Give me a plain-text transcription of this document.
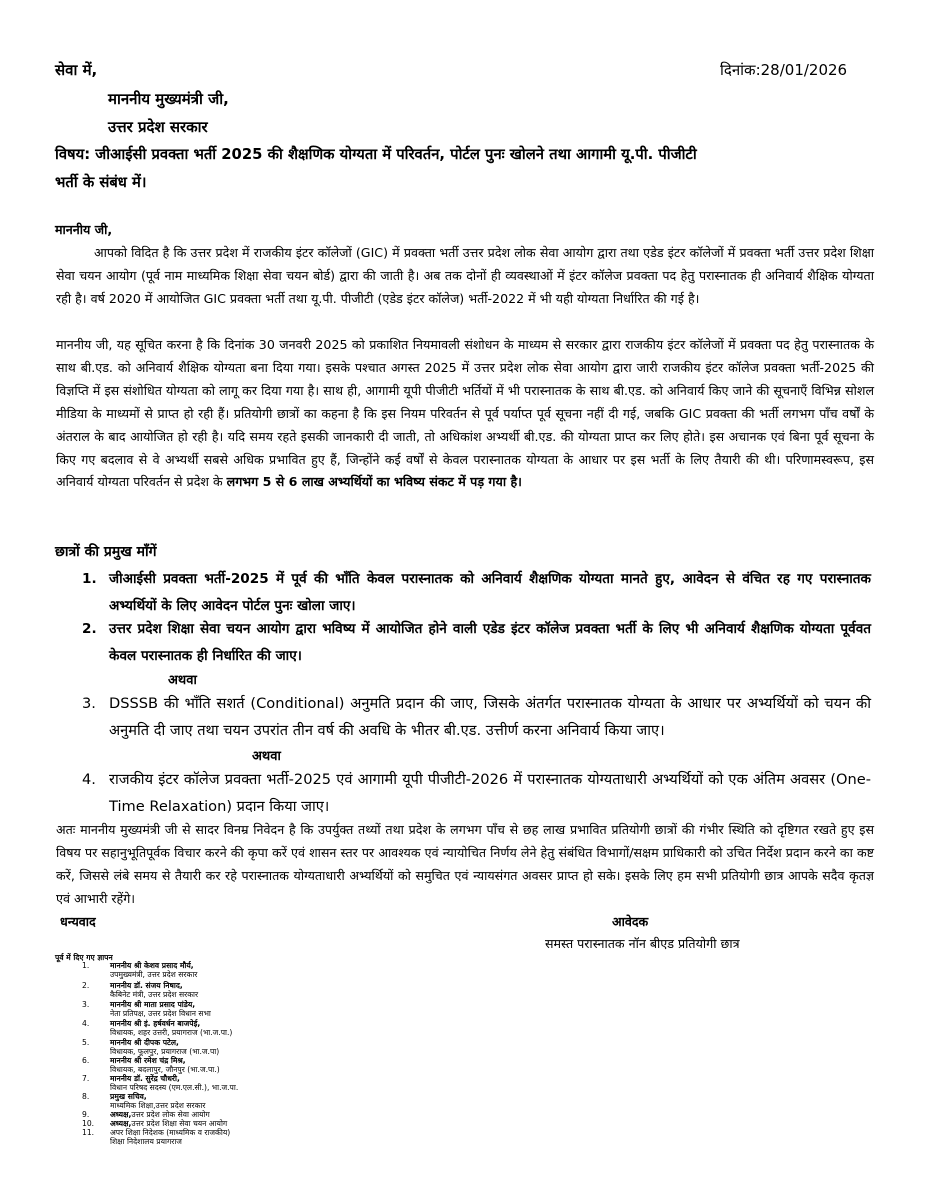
सेवा में,	दिनांक:28/01/2026
माननीय मुख्यमंत्री जी,
उत्तर प्रदेश सरकार
विषय: जीआईसी प्रवक्ता भर्ती 2025 की शैक्षणिक योग्यता में परिवर्तन, पोर्टल पुनः खोलने तथा आगामी यू.पी. पीजीटी
भर्ती के संबंध में।
माननीय जी,
आपको विदित है कि उत्तर प्रदेश में राजकीय इंटर कॉलेजों (GIC) में प्रवक्ता भर्ती उत्तर प्रदेश लोक सेवा आयोग द्वारा तथा एडेड इंटर कॉलेजों में प्रवक्ता भर्ती उत्तर प्रदेश शिक्षा सेवा चयन आयोग (पूर्व नाम माध्यमिक शिक्षा सेवा चयन बोर्ड) द्वारा की जाती है। अब तक दोनों ही व्यवस्थाओं में इंटर कॉलेज प्रवक्ता पद हेतु परास्नातक ही अनिवार्य शैक्षिक योग्यता रही है। वर्ष 2020 में आयोजित GIC प्रवक्ता भर्ती तथा यू.पी. पीजीटी (एडेड इंटर कॉलेज) भर्ती-2022 में भी यही योग्यता निर्धारित की गई है।
माननीय जी, यह सूचित करना है कि दिनांक 30 जनवरी 2025 को प्रकाशित नियमावली संशोधन के माध्यम से सरकार द्वारा राजकीय इंटर कॉलेजों में प्रवक्ता पद हेतु परास्नातक के साथ बी.एड. को अनिवार्य शैक्षिक योग्यता बना दिया गया। इसके पश्चात अगस्त 2025 में उत्तर प्रदेश लोक सेवा आयोग द्वारा जारी राजकीय इंटर कॉलेज प्रवक्ता भर्ती-2025 की विज्ञप्ति में इस संशोधित योग्यता को लागू कर दिया गया है। साथ ही, आगामी यूपी पीजीटी भर्तियों में भी परास्नातक के साथ बी.एड. को अनिवार्य किए जाने की सूचनाएँ विभिन्न सोशल मीडिया के माध्यमों से प्राप्त हो रही हैं। प्रतियोगी छात्रों का कहना है कि इस नियम परिवर्तन से पूर्व पर्याप्त पूर्व सूचना नहीं दी गई, जबकि GIC प्रवक्ता की भर्ती लगभग पाँच वर्षों के अंतराल के बाद आयोजित हो रही है। यदि समय रहते इसकी जानकारी दी जाती, तो अधिकांश अभ्यर्थी बी.एड. की योग्यता प्राप्त कर लिए होते। इस अचानक एवं बिना पूर्व सूचना के किए गए बदलाव से वे अभ्यर्थी सबसे अधिक प्रभावित हुए हैं, जिन्होंने कई वर्षों से केवल परास्नातक योग्यता के आधार पर इस भर्ती के लिए तैयारी की थी। परिणामस्वरूप, इस अनिवार्य योग्यता परिवर्तन से प्रदेश के लगभग 5 से 6 लाख अभ्यर्थियों का भविष्य संकट में पड़ गया है।
छात्रों की प्रमुख माँगें
1. जीआईसी प्रवक्ता भर्ती-2025 में पूर्व की भाँति केवल परास्नातक को अनिवार्य शैक्षणिक योग्यता मानते हुए, आवेदन से वंचित रह गए परास्नातक अभ्यर्थियों के लिए आवेदन पोर्टल पुनः खोला जाए।
2. उत्तर प्रदेश शिक्षा सेवा चयन आयोग द्वारा भविष्य में आयोजित होने वाली एडेड इंटर कॉलेज प्रवक्ता भर्ती के लिए भी अनिवार्य शैक्षणिक योग्यता पूर्ववत केवल परास्नातक ही निर्धारित की जाए।
अथवा
3. DSSSB की भाँति सशर्त (Conditional) अनुमति प्रदान की जाए, जिसके अंतर्गत परास्नातक योग्यता के आधार पर अभ्यर्थियों को चयन की अनुमति दी जाए तथा चयन उपरांत तीन वर्ष की अवधि के भीतर बी.एड. उत्तीर्ण करना अनिवार्य किया जाए।
अथवा
4. राजकीय इंटर कॉलेज प्रवक्ता भर्ती-2025 एवं आगामी यूपी पीजीटी-2026 में परास्नातक योग्यताधारी अभ्यर्थियों को एक अंतिम अवसर (One-Time Relaxation) प्रदान किया जाए।
अतः माननीय मुख्यमंत्री जी से सादर विनम्र निवेदन है कि उपर्युक्त तथ्यों तथा प्रदेश के लगभग पाँच से छह लाख प्रभावित प्रतियोगी छात्रों की गंभीर स्थिति को दृष्टिगत रखते हुए इस विषय पर सहानुभूतिपूर्वक विचार करने की कृपा करें एवं शासन स्तर पर आवश्यक एवं न्यायोचित निर्णय लेने हेतु संबंधित विभागों/सक्षम प्राधिकारी को उचित निर्देश प्रदान करने का कष्ट करें, जिससे लंबे समय से तैयारी कर रहे परास्नातक योग्यताधारी अभ्यर्थियों को समुचित एवं न्यायसंगत अवसर प्राप्त हो सके। इसके लिए हम सभी प्रतियोगी छात्र आपके सदैव कृतज्ञ एवं आभारी रहेंगे।
धन्यवाद	आवेदक
समस्त परास्नातक नॉन बीएड प्रतियोगी छात्र
पूर्व में दिए गए ज्ञापन
1.	माननीय श्री केशव प्रसाद मौर्य,
उपमुख्यमंत्री, उत्तर प्रदेश सरकार
2.	माननीय डॉ. संजय निषाद,
कैबिनेट मंत्री, उत्तर प्रदेश सरकार
3.	माननीय श्री माता प्रसाद पांडेय,
नेता प्रतिपक्ष, उत्तर प्रदेश विधान सभा
4.	माननीय श्री इं. हर्षवर्धन बाजपेई,
विधायक, शहर उत्तरी, प्रयागराज (भा.ज.पा.)
5.	माननीय श्री दीपक पटेल,
विधायक, फूलपुर, प्रयागराज (भा.ज.पा)
6.	माननीय श्री रमेश चंद्र मिश्र,
विधायक, बदलापुर, जौनपुर (भा.ज.पा.)
7.	माननीय डॉ. सुरेंद्र चौधरी,
विधान परिषद सदस्य (एम.एल.सी.), भा.ज.पा.
8.	प्रमुख सचिव,
माध्यमिक शिक्षा,उत्तर प्रदेश सरकार
9.	अध्यक्ष,उत्तर प्रदेश लोक सेवा आयोग
10. अध्यक्ष,उत्तर प्रदेश शिक्षा सेवा चयन आयोग
11. अपर शिक्षा निदेशक (माध्यमिक व राजकीय)
शिक्षा निदेशालय प्रयागराज
